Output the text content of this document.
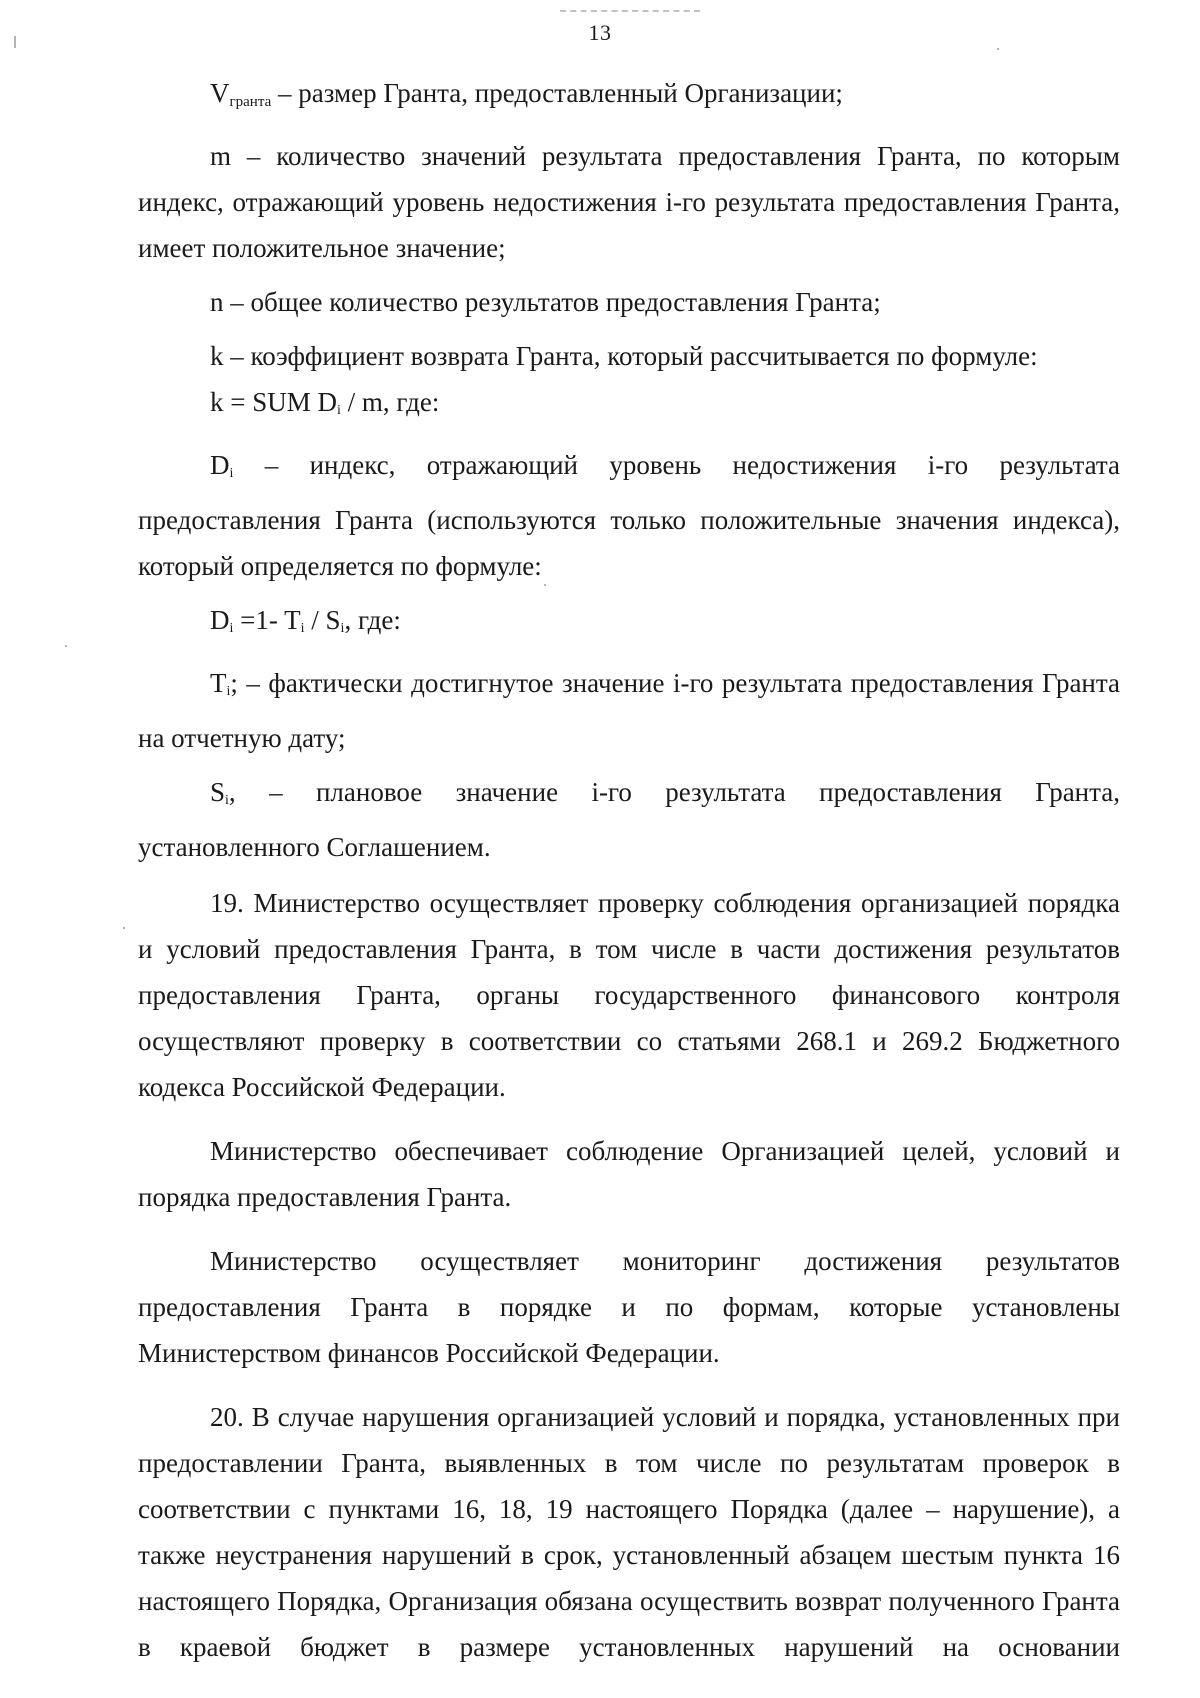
13

$V_{гранта}$ – размер Гранта, предоставленный Организации;

m – количество значений результата предоставления Гранта, по которым индекс, отражающий уровень недостижения i-го результата предоставления Гранта, имеет положительное значение;

n – общее количество результатов предоставления Гранта;

k – коэффициент возврата Гранта, который рассчитывается по формуле:

k = SUM Di / m, где:

Di – индекс, отражающий уровень недостижения i-го результата предоставления Гранта (используются только положительные значения индекса), который определяется по формуле:

Di =1- Ti / Si, где:

Ti; – фактически достигнутое значение i-го результата предоставления Гранта на отчетную дату;

Si, – плановое значение i-го результата предоставления Гранта, установленного Соглашением.

19. Министерство осуществляет проверку соблюдения организацией порядка и условий предоставления Гранта, в том числе в части достижения результатов предоставления Гранта, органы государственного финансового контроля осуществляют проверку в соответствии со статьями 268.1 и 269.2 Бюджетного кодекса Российской Федерации.

Министерство обеспечивает соблюдение Организацией целей, условий и порядка предоставления Гранта.

Министерство осуществляет мониторинг достижения результатов предоставления Гранта в порядке и по формам, которые установлены Министерством финансов Российской Федерации.

20. В случае нарушения организацией условий и порядка, установленных при предоставлении Гранта, выявленных в том числе по результатам проверок в соответствии с пунктами 16, 18, 19 настоящего Порядка (далее – нарушение), а также неустранения нарушений в срок, установленный абзацем шестым пункта 16 настоящего Порядка, Организация обязана осуществить возврат полученного Гранта в краевой бюджет в размере установленных нарушений на основании
